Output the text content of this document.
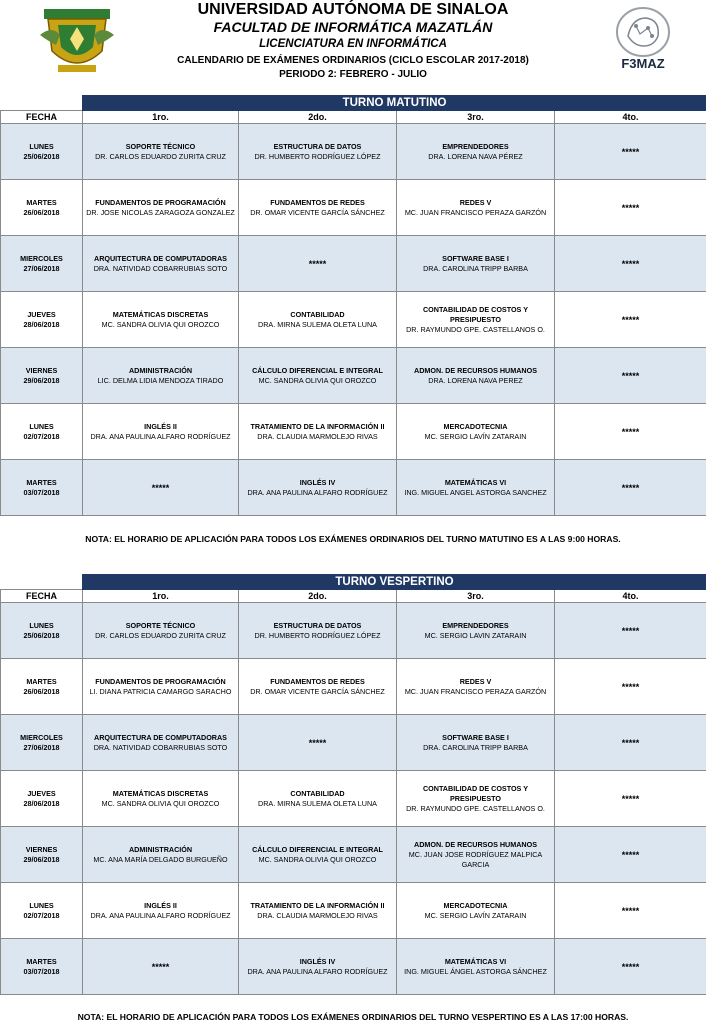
F3MAZ
UNIVERSIDAD AUTÓNOMA DE SINALOA
FACULTAD DE INFORMÁTICA MAZATLÁN
LICENCIATURA EN INFORMÁTICA
CALENDARIO DE EXÁMENES ORDINARIOS (CICLO ESCOLAR 2017-2018)
PERIODO 2: FEBRERO - JULIO
	TURNO MATUTINO			
FECHA	1ro.	2do.	3ro.	4to.

LUNES
25/06/2018	SOPORTE TÉCNICO
DR. CARLOS EDUARDO ZURITA CRUZ	ESTRUCTURA DE DATOS
DR. HUMBERTO RODRÍGUEZ LÓPEZ	EMPRENDEDORES
DRA. LORENA NAVA PÉREZ	*****

MARTES
26/06/2018	FUNDAMENTOS DE PROGRAMACIÓN
DR. JOSE NICOLAS ZARAGOZA GONZALEZ	FUNDAMENTOS DE REDES
DR. OMAR VICENTE GARCÍA SÁNCHEZ	REDES V
MC. JUAN FRANCISCO PERAZA GARZÓN	*****

MIERCOLES
27/06/2018	ARQUITECTURA DE COMPUTADORAS
DRA. NATIVIDAD COBARRUBIAS SOTO	*****	SOFTWARE BASE I
DRA. CAROLINA TRIPP BARBA	*****

JUEVES
28/06/2018	MATEMÁTICAS DISCRETAS
MC. SANDRA OLIVIA QUI OROZCO	CONTABILIDAD
DRA. MIRNA SULEMA OLETA LUNA	CONTABILIDAD DE COSTOS Y PRESIPUESTO
DR. RAYMUNDO GPE. CASTELLANOS O.	*****

VIERNES
29/06/2018	ADMINISTRACIÓN
LIC. DELMA LIDIA MENDOZA TIRADO	CÁLCULO DIFERENCIAL E INTEGRAL
MC. SANDRA OLIVIA QUI OROZCO	ADMON. DE RECURSOS HUMANOS
DRA. LORENA NAVA PEREZ	*****

LUNES
02/07/2018	INGLÉS II
DRA. ANA PAULINA ALFARO RODRÍGUEZ	TRATAMIENTO DE LA INFORMACIÓN II
DRA. CLAUDIA MARMOLEJO RIVAS	MERCADOTECNIA
MC. SERGIO LAVÍN ZATARAIN	*****

MARTES
03/07/2018	*****	INGLÉS IV
DRA. ANA PAULINA ALFARO RODRÍGUEZ	MATEMÁTICAS VI
ING. MIGUEL ANGEL ASTORGA SANCHEZ	*****
NOTA: EL HORARIO DE APLICACIÓN PARA TODOS LOS EXÁMENES ORDINARIOS DEL TURNO MATUTINO ES A LAS 9:00 HORAS.
	TURNO VESPERTINO			
FECHA	1ro.	2do.	3ro.	4to.

LUNES
25/06/2018	SOPORTE TÉCNICO
DR. CARLOS EDUARDO ZURITA CRUZ	ESTRUCTURA DE DATOS
DR. HUMBERTO RODRÍGUEZ LÓPEZ	EMPRENDEDORES
MC. SERGIO LAVIN ZATARAIN	*****

MARTES
26/06/2018	FUNDAMENTOS DE PROGRAMACIÓN
LI. DIANA PATRICIA CAMARGO SARACHO	FUNDAMENTOS DE REDES
DR. OMAR VICENTE GARCÍA SÁNCHEZ	REDES V
MC. JUAN FRANCISCO PERAZA GARZÓN	*****

MIERCOLES
27/06/2018	ARQUITECTURA DE COMPUTADORAS
DRA. NATIVIDAD COBARRUBIAS SOTO	*****	SOFTWARE BASE I
DRA. CAROLINA TRIPP BARBA	*****

JUEVES
28/06/2018	MATEMÁTICAS DISCRETAS
MC. SANDRA OLIVIA QUI OROZCO	CONTABILIDAD
DRA. MIRNA SULEMA OLETA LUNA	CONTABILIDAD DE COSTOS Y PRESIPUESTO
DR. RAYMUNDO GPE. CASTELLANOS O.	*****

VIERNES
29/06/2018	ADMINISTRACIÓN
MC. ANA MARÍA DELGADO BURGUEÑO	CÁLCULO DIFERENCIAL E INTEGRAL
MC. SANDRA OLIVIA QUI OROZCO	ADMON. DE RECURSOS HUMANOS
MC. JUAN JOSE RODRÍGUEZ MALPICA GARCIA	*****

LUNES
02/07/2018	INGLÉS II
DRA. ANA PAULINA ALFARO RODRÍGUEZ	TRATAMIENTO DE LA INFORMACIÓN II
DRA. CLAUDIA MARMOLEJO RIVAS	MERCADOTECNIA
MC. SERGIO LAVÍN ZATARAIN	*****

MARTES
03/07/2018	*****	INGLÉS IV
DRA. ANA PAULINA ALFARO RODRÍGUEZ	MATEMÁTICAS VI
ING. MIGUEL ÁNGEL ASTORGA SÁNCHEZ	*****
NOTA: EL HORARIO DE APLICACIÓN PARA TODOS LOS EXÁMENES ORDINARIOS DEL TURNO VESPERTINO ES A LAS 17:00 HORAS.
